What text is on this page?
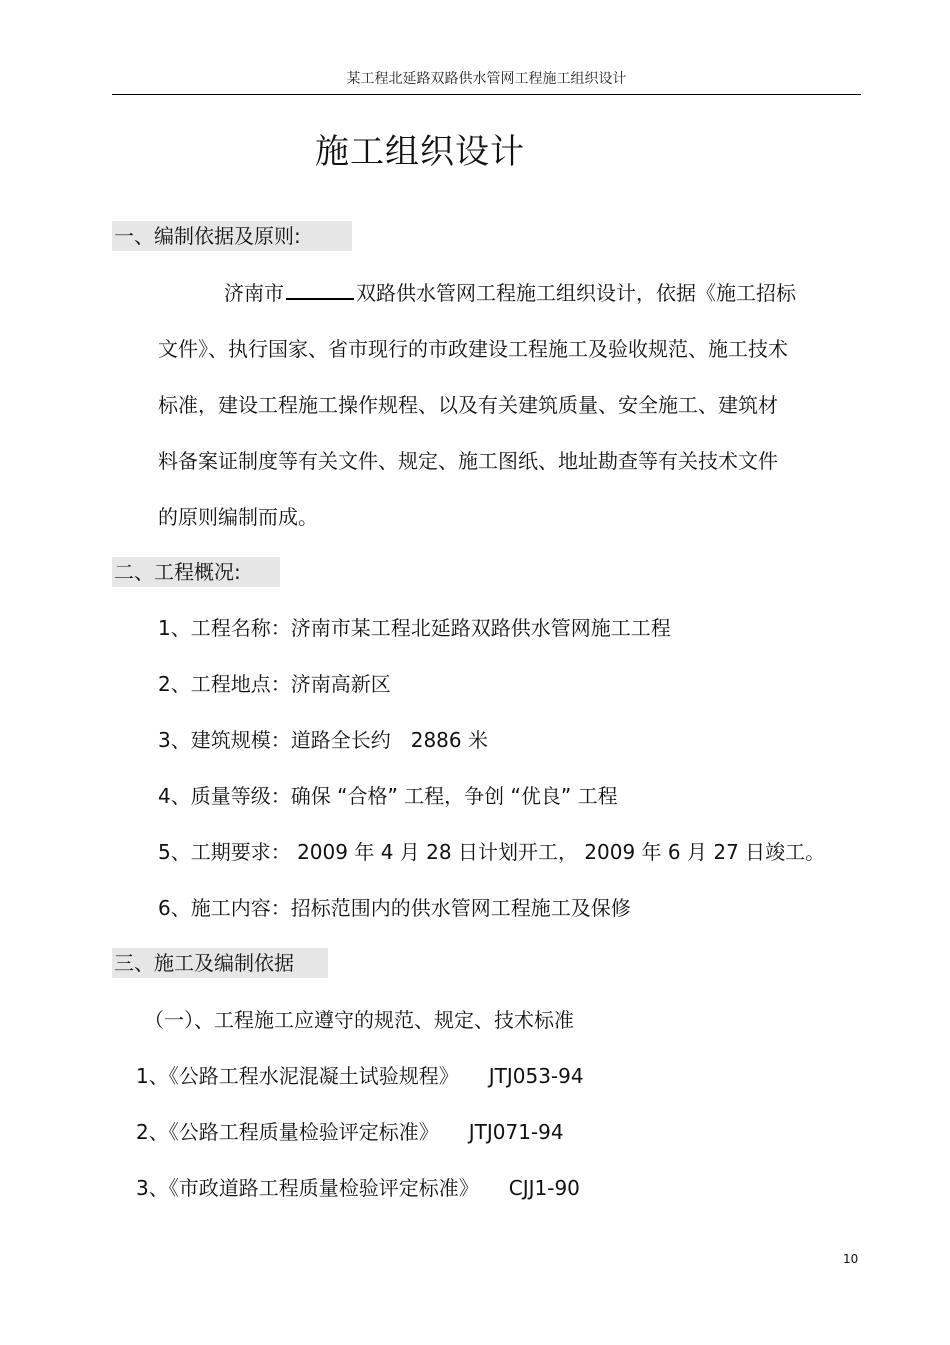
某工程北延路双路供水管网工程施工组织设计
施工组织设计
一、编制依据及原则:
济南市	双路供水管网工程施工组织设计，依据《施工招标
文件》、执行国家、省市现行的市政建设工程施工及验收规范、施工技术
标准，建设工程施工操作规程、以及有关建筑质量、安全施工、建筑材
料备案证制度等有关文件、规定、施工图纸、地址勘查等有关技术文件
的原则编制而成。
二、工程概况:
1、工程名称：济南市某工程北延路双路供水管网施工工程
2、工程地点：济南高新区
3、建筑规模：道路全长约　2886 米
4、质量等级：确保 “合格” 工程，争创 “优良” 工程
5、工期要求： 2009 年 4 月 28 日计划开工， 2009 年 6 月 27 日竣工。
6、施工内容：招标范围内的供水管网工程施工及保修
三、施工及编制依据
（一）、工程施工应遵守的规范、规定、技术标准
1、《公路工程水泥混凝土试验规程》 JTJ053-94
2、《公路工程质量检验评定标准》 JTJ071-94
3、《市政道路工程质量检验评定标准》 CJJ1-90
10
